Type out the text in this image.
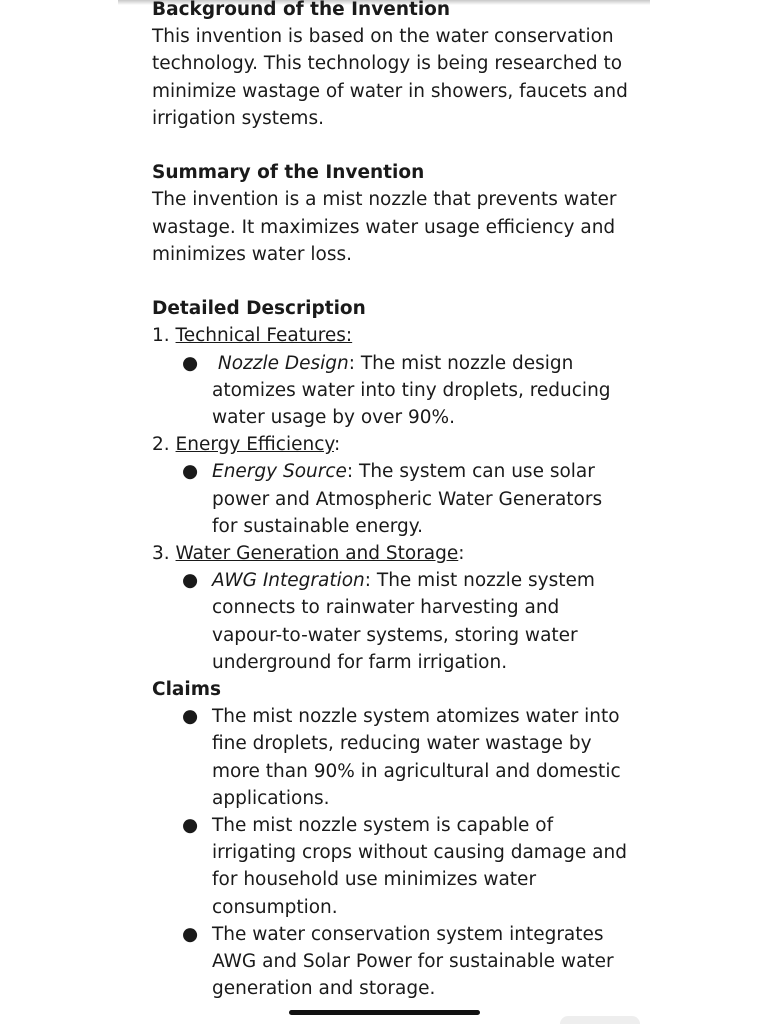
Background of the Invention

This invention is based on the water conservation technology. This technology is being researched to minimize wastage of water in showers, faucets and irrigation systems.

Summary of the Invention

The invention is a mist nozzle that prevents water wastage. It maximizes water usage efficiency and minimizes water loss.

Detailed Description

1. Technical Features:

● Nozzle Design: The mist nozzle design atomizes water into tiny droplets, reducing water usage by over 90%.

2. Energy Efficiency:

● Energy Source: The system can use solar power and Atmospheric Water Generators for sustainable energy.

3. Water Generation and Storage:

● AWG Integration: The mist nozzle system connects to rainwater harvesting and vapour-to-water systems, storing water underground for farm irrigation.

Claims

● The mist nozzle system atomizes water into fine droplets, reducing water wastage by more than 90% in agricultural and domestic applications.
● The mist nozzle system is capable of irrigating crops without causing damage and for household use minimizes water consumption.
● The water conservation system integrates AWG and Solar Power for sustainable water generation and storage.
